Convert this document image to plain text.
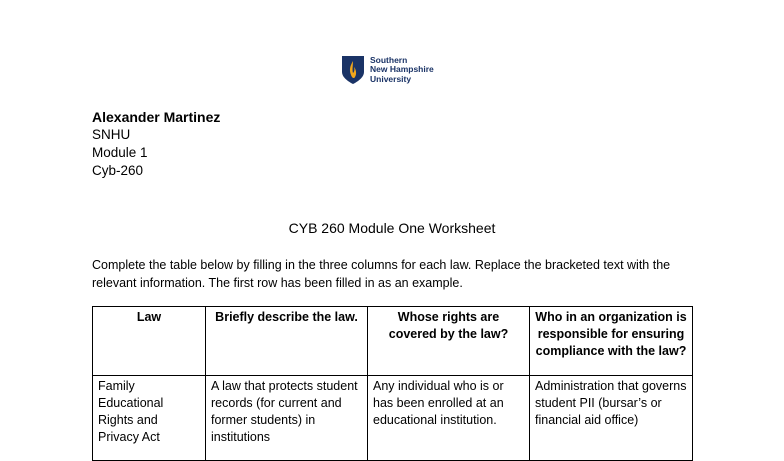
Southern
New Hampshire
University
Alexander Martinez
SNHU
Module 1
Cyb-260
CYB 260 Module One Worksheet
Complete the table below by filling in the three columns for each law. Replace the bracketed text with the relevant information. The first row has been filled in as an example.
Law	Briefly describe the law.	Whose rights are covered by the law?	Who in an organization is responsible for ensuring compliance with the law?
Family Educational Rights and Privacy Act	A law that protects student records (for current and former students) in institutions	Any individual who is or has been enrolled at an educational institution.	Administration that governs student PII (bursar’s or financial aid office)
